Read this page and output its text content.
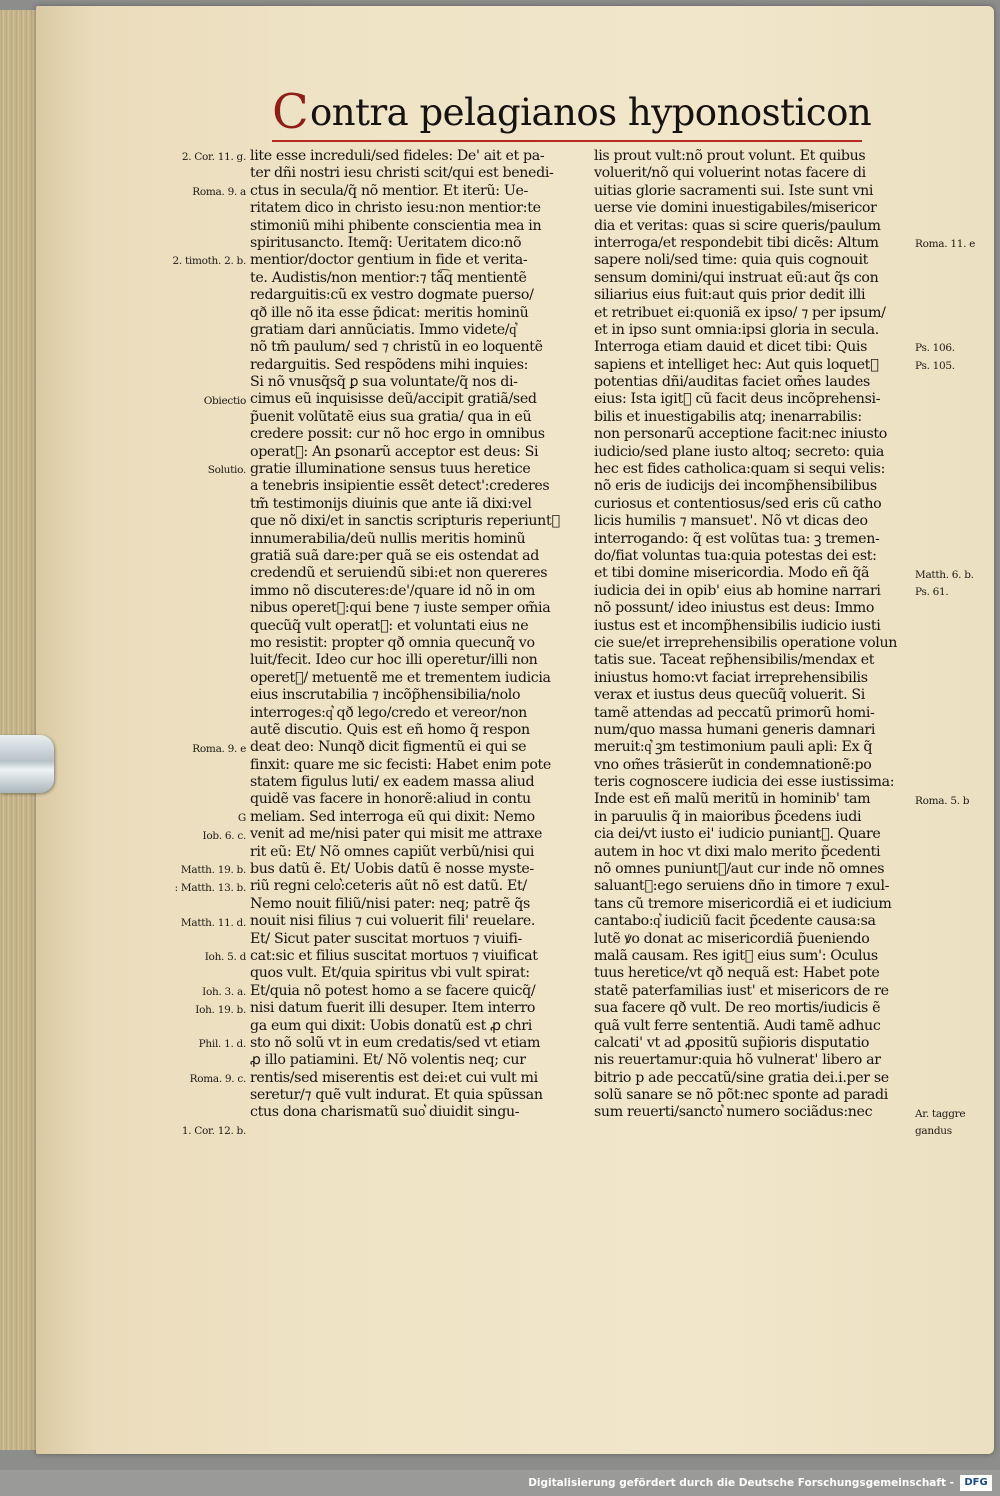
C ontra pelagianos hyponosticon
lite esse increduli/sed fideles: De' ait et pa-
ter dñi nostri iesu christi scit/qui est benedi-
ctus in secula/q̃ nõ mentior. Et iterũ: Ue-
ritatem dico in christo iesu:non mentior:te
stimoniũ mihi phibente conscientia mea in
spiritusancto. Itemq̃: Ueritatem dico:nõ
mentior/doctor gentium in fide et verita-
te. Audistis/non mentior:⁊ tã͡q mentientẽ
redarguitis:cũ ex vestro dogmate puerso/
qð ille nõ ita esse p̃dicat: meritis hominũ
gratiam dari annũciatis. Immo videte/q͛
nõ tm̃ paulum/ sed ⁊ christũ in eo loquentẽ
redarguitis. Sed respõdens mihi inquies:
Si nõ vnusq̃sq̃ ꝑ sua voluntate/q̃ nos di-
cimus eũ inquisisse deũ/accipit gratiã/sed
p̃uenit volũtatẽ eius sua gratia/ qua in eũ
credere possit: cur nõ hoc ergo in omnibus
operat᷑: An ꝑsonarũ acceptor est deus: Si
gratie illuminatione sensus tuus heretice
a tenebris insipientie essẽt detect':crederes
tm̃ testimonijs diuinis que ante iã dixi:vel
que nõ dixi/et in sanctis scripturis reperiunt᷑
innumerabilia/deũ nullis meritis hominũ
gratiã suã dare:per quã se eis ostendat ad
credendũ et seruiendũ sibi:et non quereres
immo nõ discuteres:de'/quare id nõ in om
nibus operet᷑:qui bene ⁊ iuste semper om̃ia
quecũq̃ vult operat᷑: et voluntati eius ne
mo resistit: propter qð omnia quecunq̃ vo
luit/fecit. Ideo cur hoc illi operetur/illi non
operet᷑/ metuentẽ me et trementem iudicia
eius inscrutabilia ⁊ incõp̃hensibilia/nolo
interroges:q͛ qð lego/credo et vereor/non
autẽ discutio. Quis est eñ homo q̃ respon
deat deo: Nunqð dicit figmentũ ei qui se
finxit: quare me sic fecisti: Habet enim pote
statem figulus luti/ ex eadem massa aliud
quidẽ vas facere in honorẽ:aliud in contu
meliam. Sed interroga eũ qui dixit: Nemo
venit ad me/nisi pater qui misit me attraxe
rit eũ: Et/ Nõ omnes capiũt verbũ/nisi qui
bus datũ ẽ. Et/ Uobis datũ ẽ nosse myste-
riũ regni celo͛:ceteris aũt nõ est datũ. Et/
Nemo nouit filiũ/nisi pater: neq; patrẽ q̃s
nouit nisi filius ⁊ cui voluerit fili' reuelare.
Et/ Sicut pater suscitat mortuos ⁊ viuifi-
cat:sic et filius suscitat mortuos ⁊ viuificat
quos vult. Et/quia spiritus vbi vult spirat:
Et/quia nõ potest homo a se facere quicq̃/
nisi datum fuerit illi desuper. Item interro
ga eum qui dixit: Uobis donatũ est ꝓ chri
sto nõ solũ vt in eum credatis/sed vt etiam
ꝓ illo patiamini. Et/ Nõ volentis neq; cur
rentis/sed miserentis est dei:et cui vult mi
seretur/⁊ quẽ vult indurat. Et quia spũssan
ctus dona charismatũ suo͛ diuidit singu-
lis prout vult:nõ prout volunt. Et quibus
voluerit/nõ qui voluerint notas facere di
uitias glorie sacramenti sui. Iste sunt vni
uerse vie domini inuestigabiles/misericor
dia et veritas: quas si scire queris/paulum
interroga/et respondebit tibi dicẽs: Altum
sapere noli/sed time: quia quis cognouit
sensum domini/qui instruat eũ:aut q̃s con
siliarius eius fuit:aut quis prior dedit illi
et retribuet ei:quoniã ex ipso/ ⁊ per ipsum/
et in ipso sunt omnia:ipsi gloria in secula.
Interroga etiam dauid et dicet tibi: Quis
sapiens et intelliget hec: Aut quis loquet᷑
potentias dñi/auditas faciet om̃es laudes
eius: Ista igit᷑ cũ facit deus incõprehensi-
bilis et inuestigabilis atq; inenarrabilis:
non personarũ acceptione facit:nec iniusto
iudicio/sed plane iusto altoq; secreto: quia
hec est fides catholica:quam si sequi velis:
nõ eris de iudicijs dei incomp̃hensibilibus
curiosus et contentiosus/sed eris cũ catho
licis humilis ⁊ mansuet'. Nõ vt dicas deo
interrogando: q̃ est volũtas tua: ꝫ tremen-
do/fiat voluntas tua:quia potestas dei est:
et tibi domine misericordia. Modo eñ q̃ã
iudicia dei in opib' eius ab homine narrari
nõ possunt/ ideo iniustus est deus: Immo
iustus est et incomp̃hensibilis iudicio iusti
cie sue/et irreprehensibilis operatione volun
tatis sue. Taceat rep̃hensibilis/mendax et
iniustus homo:vt faciat irreprehensibilis
verax et iustus deus quecũq̃ voluerit. Si
tamẽ attendas ad peccatũ primorũ homi-
num/quo massa humani generis damnari
meruit:q͛ ꝫm testimonium pauli apli: Ex q̃
vno om̃es trãsierũt in condemnationẽ:po
teris cognoscere iudicia dei esse iustissima:
Inde est eñ malũ meritũ in hominib' tam
in paruulis q̃ in maioribus p̃cedens iudi
cia dei/vt iusto ei' iudicio puniant᷑. Quare
autem in hoc vt dixi malo merito p̃cedenti
nõ omnes puniunt᷑/aut cur inde nõ omnes
saluant᷑:ego seruiens dño in timore ⁊ exul-
tans cũ tremore misericordiã ei et iudicium
cantabo:q͛ iudiciũ facit p̃cedente causa:sa
lutẽ ꝟo donat ac misericordiã p̃ueniendo
malã causam. Res igit᷑ eius sum': Oculus
tuus heretice/vt qð nequã est: Habet pote
statẽ paterfamilias iust' et misericors de re
sua facere qð vult. De reo mortis/iudicis ẽ
quã vult ferre sententiã. Audi tamẽ adhuc
calcati' vt ad ꝓpositũ sup̃ioris disputatio
nis reuertamur:quia hõ vulnerat' libero ar
bitrio p ade peccatũ/sine gratia dei.i.per se
solũ sanare se nõ põt:nec sponte ad paradi
sum reuerti/sancto͛ numero sociãdus:nec
2. Cor. 11. g.
Roma. 9. a
2. timoth. 2. b.
Obiectio
Solutio.
Roma. 9. e
G
Iob. 6. c.
Matth. 19. b.
: Matth. 13. b.
Matth. 11. d.
Ioh. 5. d
Ioh. 3. a.
Ioh. 19. b.
Phil. 1. d.
Roma. 9. c.
1. Cor. 12. b.
Roma. 11. e
Ps. 106.
Ps. 105.
Matth. 6. b.
Ps. 61.
Roma. 5. b
Ar. taggre
gandus
Digitalisierung gefördert durch die Deutsche Forschungsgemeinschaft -	DFG
